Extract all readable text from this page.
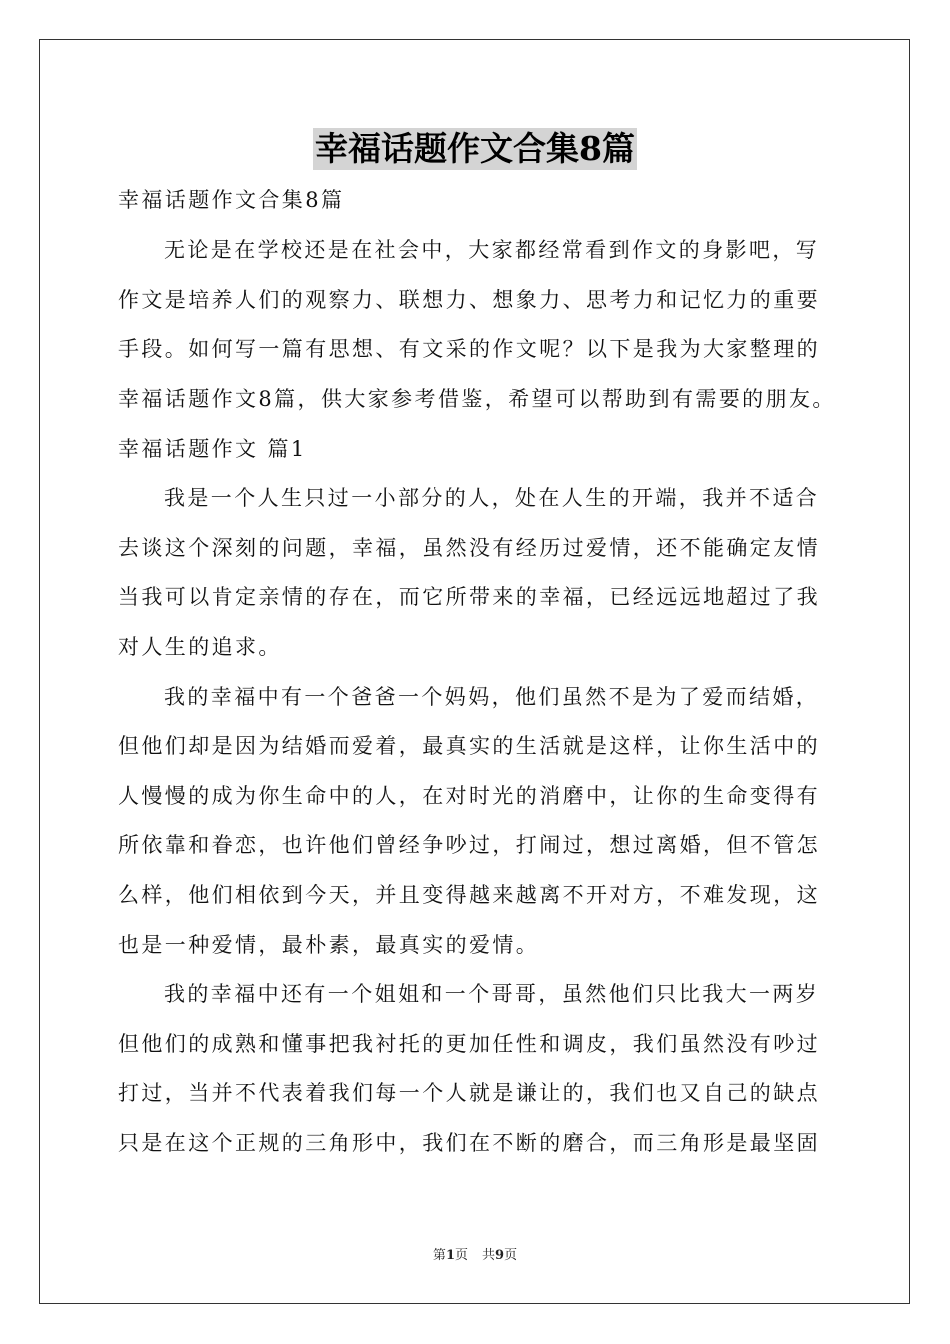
幸福话题作文合集8篇
幸福话题作文合集8篇
无论是在学校还是在社会中，大家都经常看到作文的身影吧，写
作文是培养人们的观察力、联想力、想象力、思考力和记忆力的重要
手段。如何写一篇有思想、有文采的作文呢？以下是我为大家整理的
幸福话题作文8篇，供大家参考借鉴，希望可以帮助到有需要的朋友。
幸福话题作文 篇1
我是一个人生只过一小部分的人，处在人生的开端，我并不适合
去谈这个深刻的问题，幸福，虽然没有经历过爱情，还不能确定友情
当我可以肯定亲情的存在，而它所带来的幸福，已经远远地超过了我
对人生的追求。
我的幸福中有一个爸爸一个妈妈，他们虽然不是为了爱而结婚，
但他们却是因为结婚而爱着，最真实的生活就是这样，让你生活中的
人慢慢的成为你生命中的人，在对时光的消磨中，让你的生命变得有
所依靠和眷恋，也许他们曾经争吵过，打闹过，想过离婚，但不管怎
么样，他们相依到今天，并且变得越来越离不开对方，不难发现，这
也是一种爱情，最朴素，最真实的爱情。
我的幸福中还有一个姐姐和一个哥哥，虽然他们只比我大一两岁
但他们的成熟和懂事把我衬托的更加任性和调皮，我们虽然没有吵过
打过，当并不代表着我们每一个人就是谦让的，我们也又自己的缺点
只是在这个正规的三角形中，我们在不断的磨合，而三角形是最坚固
第1页 共9页
